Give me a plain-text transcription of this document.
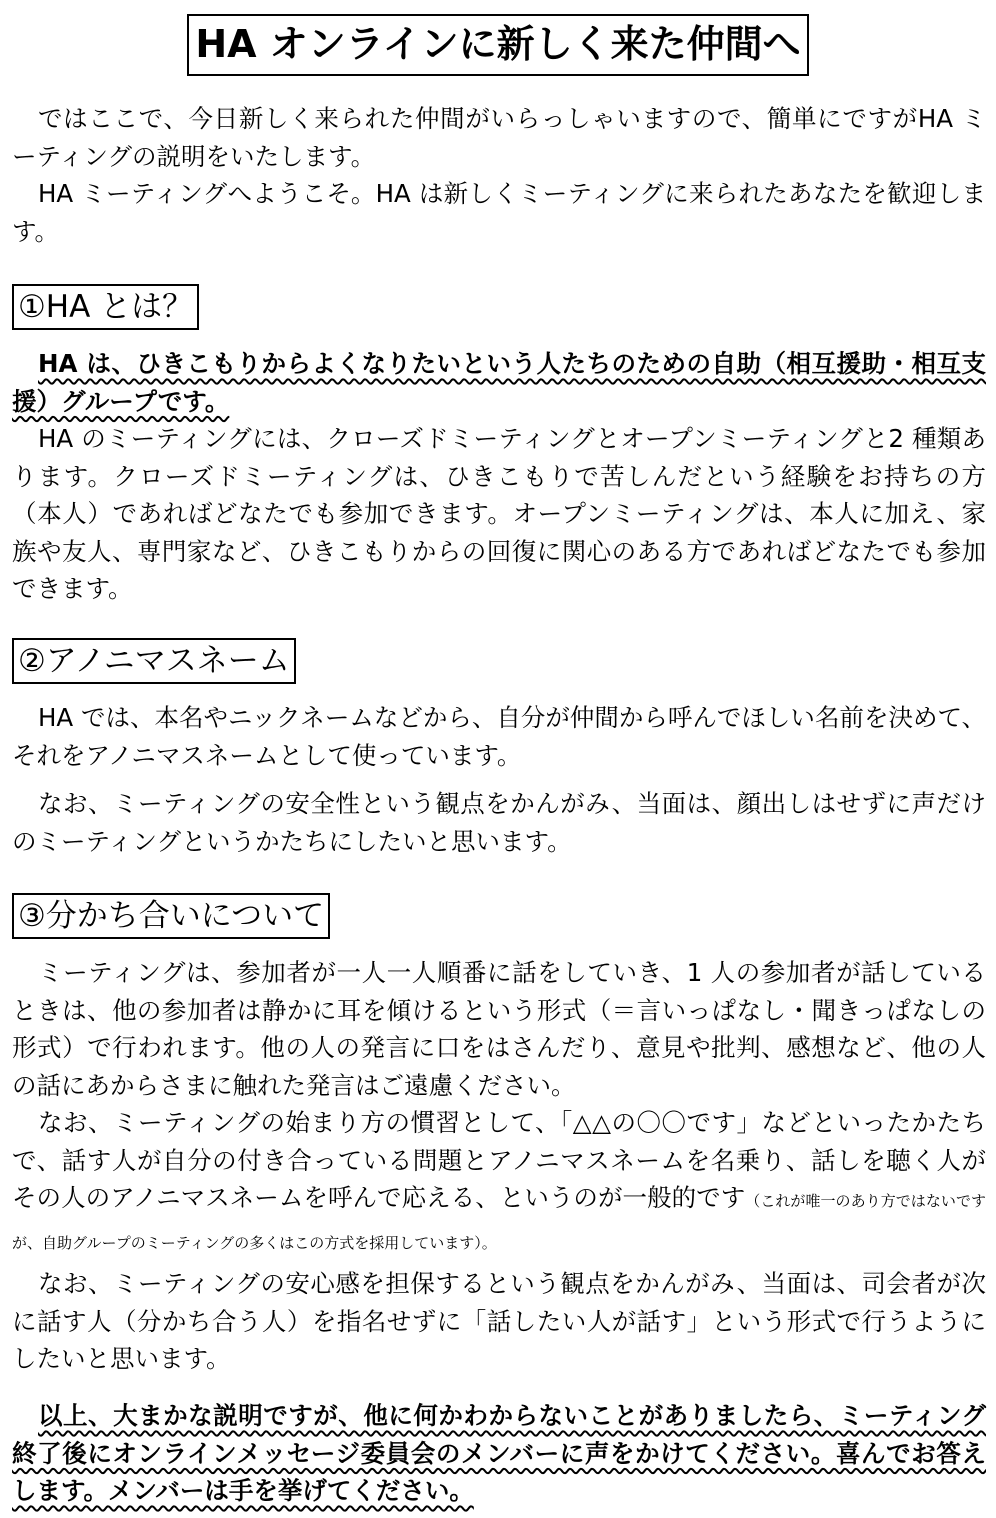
HA オンラインに新しく来た仲間へ

ではここで、今日新しく来られた仲間がいらっしゃいますので、簡単にですがHA ミーティングの説明をいたします。

HA ミーティングへようこそ。HA は新しくミーティングに来られたあなたを歓迎します。

①HA とは？

HA は、ひきこもりからよくなりたいという人たちのための自助（相互援助・相互支援）グループです。

HA のミーティングには、クローズドミーティングとオープンミーティングと2 種類あります。クローズドミーティングは、ひきこもりで苦しんだという経験をお持ちの方（本人）であればどなたでも参加できます。オープンミーティングは、本人に加え、家族や友人、専門家など、ひきこもりからの回復に関心のある方であればどなたでも参加できます。

②アノニマスネーム

HA では、本名やニックネームなどから、自分が仲間から呼んでほしい名前を決めて、それをアノニマスネームとして使っています。

なお、ミーティングの安全性という観点をかんがみ、当面は、顔出しはせずに声だけのミーティングというかたちにしたいと思います。

③分かち合いについて

ミーティングは、参加者が一人一人順番に話をしていき、1 人の参加者が話しているときは、他の参加者は静かに耳を傾けるという形式（＝言いっぱなし・聞きっぱなしの形式）で行われます。他の人の発言に口をはさんだり、意見や批判、感想など、他の人の話にあからさまに触れた発言はご遠慮ください。

なお、ミーティングの始まり方の慣習として、「△△の〇〇です」などといったかたちで、話す人が自分の付き合っている問題とアノニマスネームを名乗り、話しを聴く人がその人のアノニマスネームを呼んで応える、というのが一般的です（これが唯一のあり方ではないですが、自助グループのミーティングの多くはこの方式を採用しています）。

なお、ミーティングの安心感を担保するという観点をかんがみ、当面は、司会者が次に話す人（分かち合う人）を指名せずに「話したい人が話す」という形式で行うようにしたいと思います。

以上、大まかな説明ですが、他に何かわからないことがありましたら、ミーティング終了後にオンラインメッセージ委員会のメンバーに声をかけてください。喜んでお答えします。メンバーは手を挙げてください。
